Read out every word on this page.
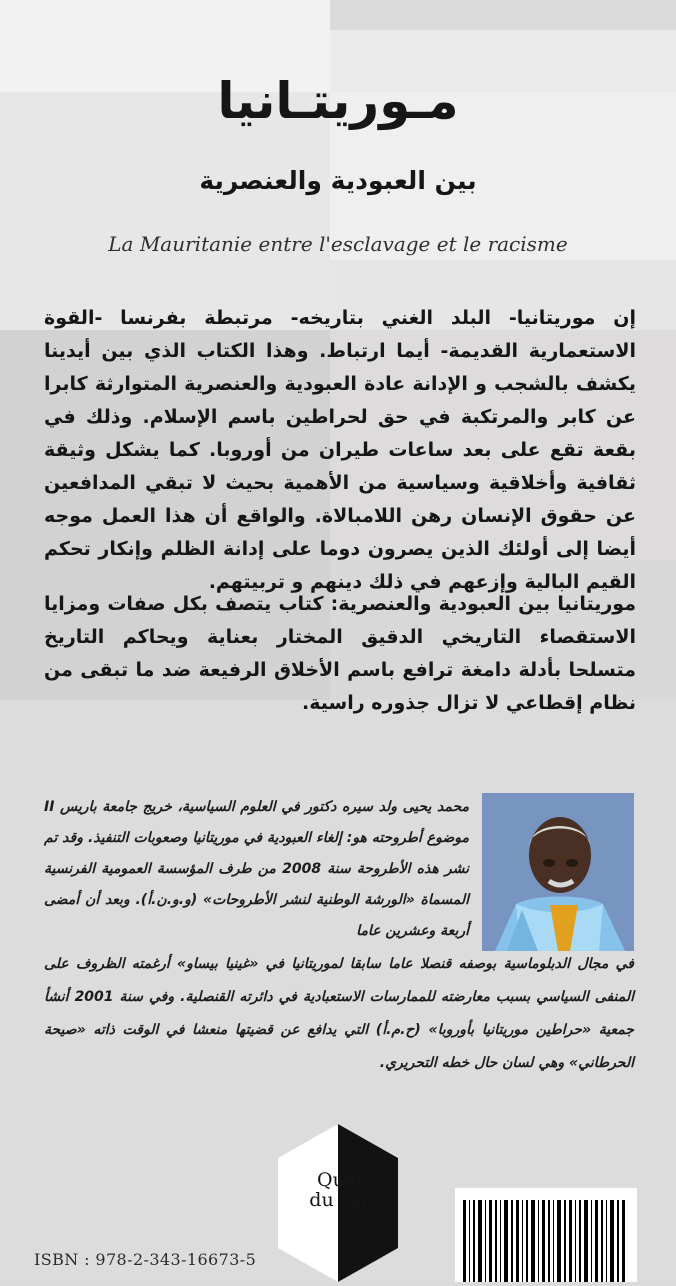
مـوريتـانيا
بين العبودية والعنصرية
La Mauritanie entre l'esclavage et le racisme
إن موريتانيا- البلد الغني بتاريخه- مرتبطة بفرنسا -القوة الاستعمارية القديمة- أيما ارتباط. وهذا الكتاب الذي بين أيدينا يكشف بالشجب و الإدانة عادة العبودية والعنصرية المتوارثة كابرا عن كابر والمرتكبة في حق لحراطين باسم الإسلام. وذلك في بقعة تقع على بعد ساعات طيران من أوروبا. كما يشكل وثيقة ثقافية وأخلاقية وسياسية من الأهمية بحيث لا تبقي المدافعين عن حقوق الإنسان رهن اللامبالاة. والواقع أن هذا العمل موجه أيضا إلى أولئك الذين يصرون دوما على إدانة الظلم وإنكار تحكم القيم البالية وإزعهم في ذلك دينهم و تربيتهم.
موريتانيا بين العبودية والعنصرية: كتاب يتصف بكل صفات ومزايا الاستقصاء التاريخي الدقيق المختار بعناية ويحاكم التاريخ متسلحا بأدلة دامغة ترافع باسم الأخلاق الرفيعة ضد ما تبقى من نظام إقطاعي لا تزال جذوره راسية.
محمد يحيى ولد سيره دكتور في العلوم السياسية، خريج جامعة باريس II موضوع أطروحته هو: إلغاء العبودية في موريتانيا وصعوبات التنفيذ. وقد تم نشر هذه الأطروحة سنة 2008 من طرف المؤسسة العمومية الفرنسية المسماة «الورشة الوطنية لنشر الأطروحات» (و.و.ن.أ). وبعد أن أمضى أربعة وعشرين عاما
في مجال الدبلوماسية بوصفه قنصلا عاما سابقا لموريتانيا في «غينيا بيساو» أرغمته الظروف على المنفى السياسي بسبب معارضته للممارسات الاستعبادية في دائرته القنصلية. وفي سنة 2001 أنشأ جمعية «حراطين موريتانيا بأوروبا» (ح.م.أ) التي يدافع عن قضيتها منعشا في الوقت ذاته «صيحة الحرطاني» وهي لسان حال خطه التحريري.
Quête
du sens
ISBN : 978-2-343-16673-5
